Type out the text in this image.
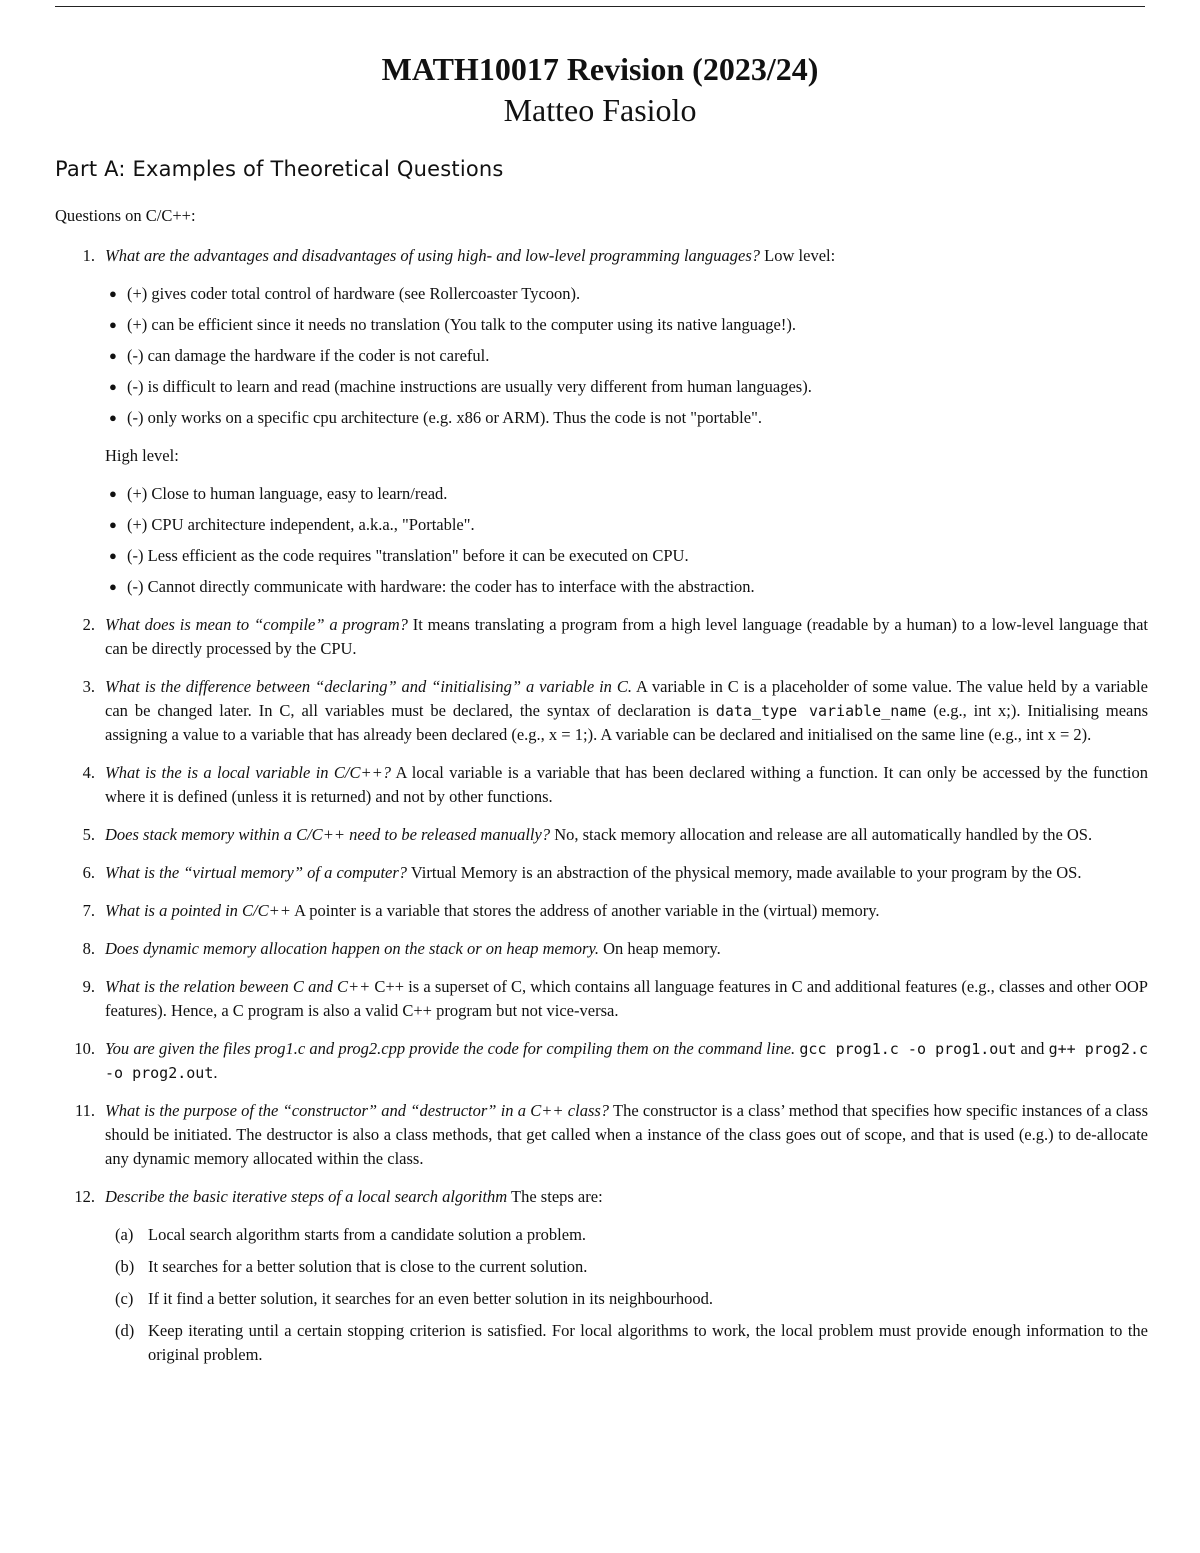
MATH10017 Revision (2023/24)
Matteo Fasiolo
Part A: Examples of Theoretical Questions

Questions on C/C++:

1. What are the advantages and disadvantages of using high- and low-level programming languages? Low level:
● (+) gives coder total control of hardware (see Rollercoaster Tycoon).
● (+) can be efficient since it needs no translation (You talk to the computer using its native language!).
● (-) can damage the hardware if the coder is not careful.
● (-) is difficult to learn and read (machine instructions are usually very different from human languages).
● (-) only works on a specific cpu architecture (e.g. x86 or ARM). Thus the code is not "portable".
High level:
● (+) Close to human language, easy to learn/read.
● (+) CPU architecture independent, a.k.a., "Portable".
● (-) Less efficient as the code requires "translation" before it can be executed on CPU.
● (-) Cannot directly communicate with hardware: the coder has to interface with the abstraction.
2. What does is mean to “compile” a program? It means translating a program from a high level language (readable by a human) to a low-level language that can be directly processed by the CPU.
3. What is the difference between “declaring” and “initialising” a variable in C. A variable in C is a placeholder of some value. The value held by a variable can be changed later. In C, all variables must be declared, the syntax of declaration is data_type variable_name (e.g., int x;). Initialising means assigning a value to a variable that has already been declared (e.g., x = 1;). A variable can be declared and initialised on the same line (e.g., int x = 2).
4. What is the is a local variable in C/C++? A local variable is a variable that has been declared withing a function. It can only be accessed by the function where it is defined (unless it is returned) and not by other functions.
5. Does stack memory within a C/C++ need to be released manually? No, stack memory allocation and release are all automatically handled by the OS.
6. What is the “virtual memory” of a computer? Virtual Memory is an abstraction of the physical memory, made available to your program by the OS.
7. What is a pointed in C/C++ A pointer is a variable that stores the address of another variable in the (virtual) memory.
8. Does dynamic memory allocation happen on the stack or on heap memory. On heap memory.
9. What is the relation beween C and C++ C++ is a superset of C, which contains all language features in C and additional features (e.g., classes and other OOP features). Hence, a C program is also a valid C++ program but not vice-versa.
10. You are given the files prog1.c and prog2.cpp provide the code for compiling them on the command line. gcc prog1.c -o prog1.out and g++ prog2.c -o prog2.out.
11. What is the purpose of the “constructor” and “destructor” in a C++ class? The constructor is a class’ method that specifies how specific instances of a class should be initiated. The destructor is also a class methods, that get called when a instance of the class goes out of scope, and that is used (e.g.) to de-allocate any dynamic memory allocated within the class.
12. Describe the basic iterative steps of a local search algorithm The steps are:
(a) Local search algorithm starts from a candidate solution a problem.
(b) It searches for a better solution that is close to the current solution.
(c) If it find a better solution, it searches for an even better solution in its neighbourhood.
(d) Keep iterating until a certain stopping criterion is satisfied. For local algorithms to work, the local problem must provide enough information to the original problem.
